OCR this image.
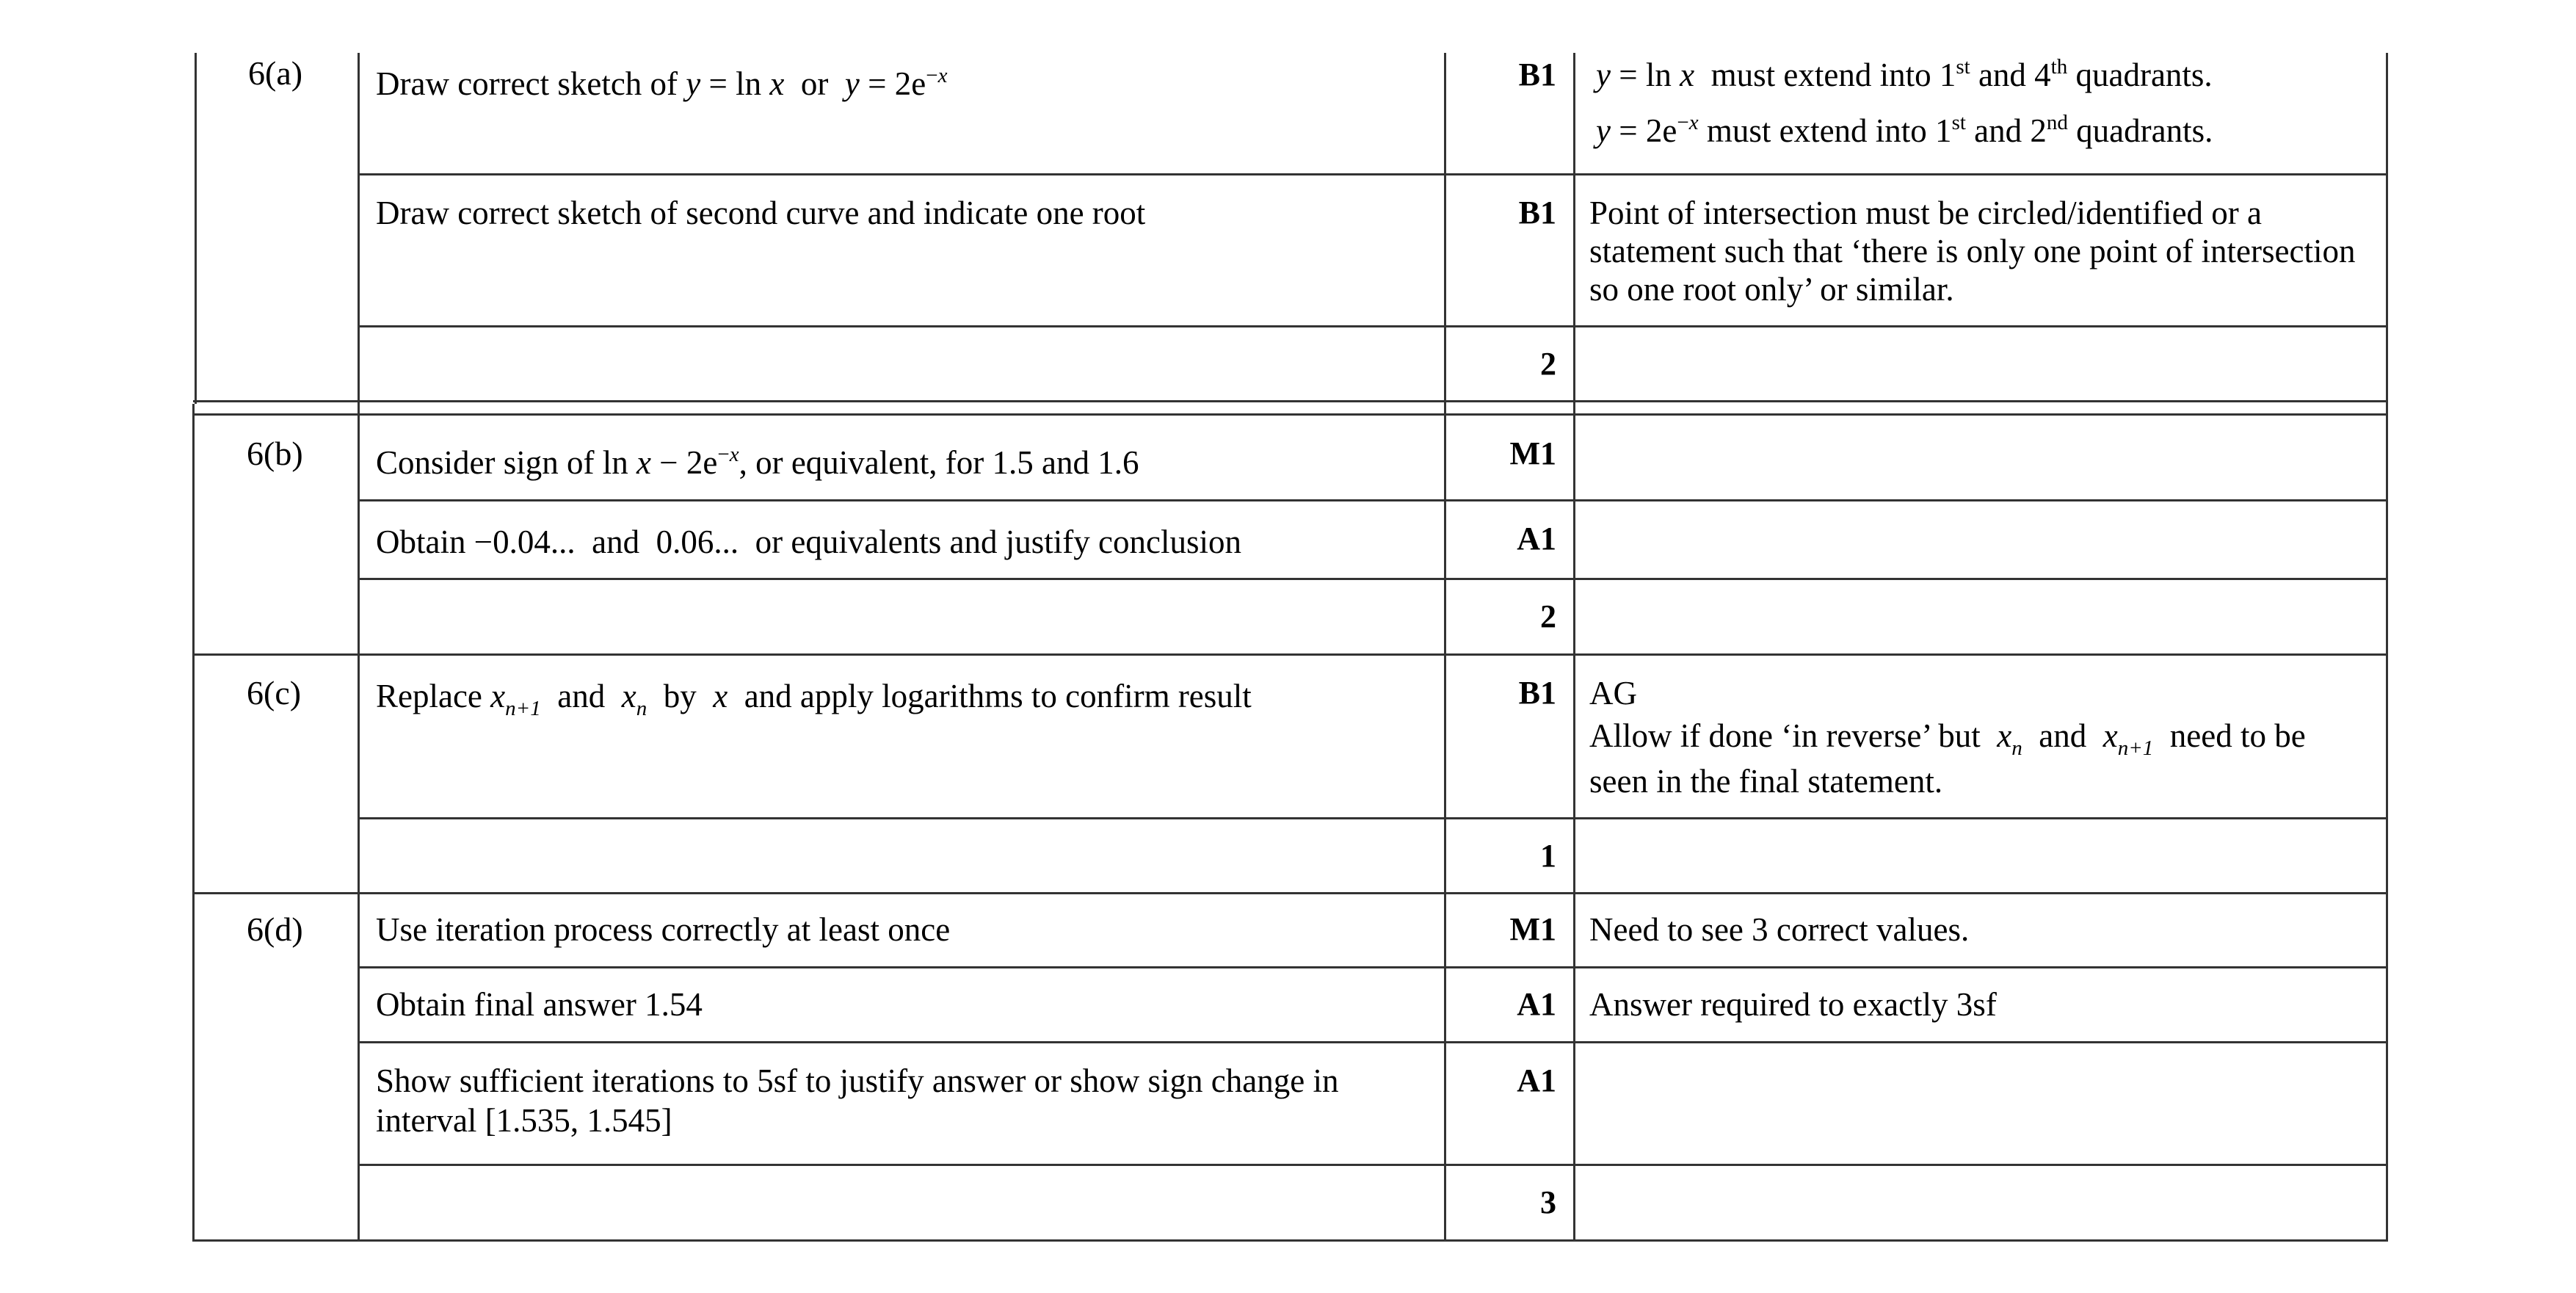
6(a) Draw correct sketch of y = ln x  or  $y = 2e^{-x}$	B1 y = ln x  must extend into 1st and 4th quadrants.
$y = 2e^{-x}$ must extend into 1st and 2nd quadrants.
Draw correct sketch of second curve and indicate one root	B1 Point of intersection must be circled/identified or a
statement such that ‘there is only one point of intersection
so one root only’ or similar.
2
6(b) Consider sign of $\ln x - 2e^{-x}$, or equivalent, for 1.5 and 1.6	M1
Obtain −0.04...  and  0.06...  or equivalents and justify conclusion	A1
2
6(c) Replace $x_{n+1}$  and  $x_n$  by  x  and apply logarithms to confirm result	B1 AG
Allow if done ‘in reverse’ but  $x_n$  and  $x_{n+1}$  need to be
seen in the final statement.
1
6(d) Use iteration process correctly at least once	M1 Need to see 3 correct values.
Obtain final answer 1.54	A1 Answer required to exactly 3sf
Show sufficient iterations to 5sf to justify answer or show sign change in
interval [1.535, 1.545]
A1
3
